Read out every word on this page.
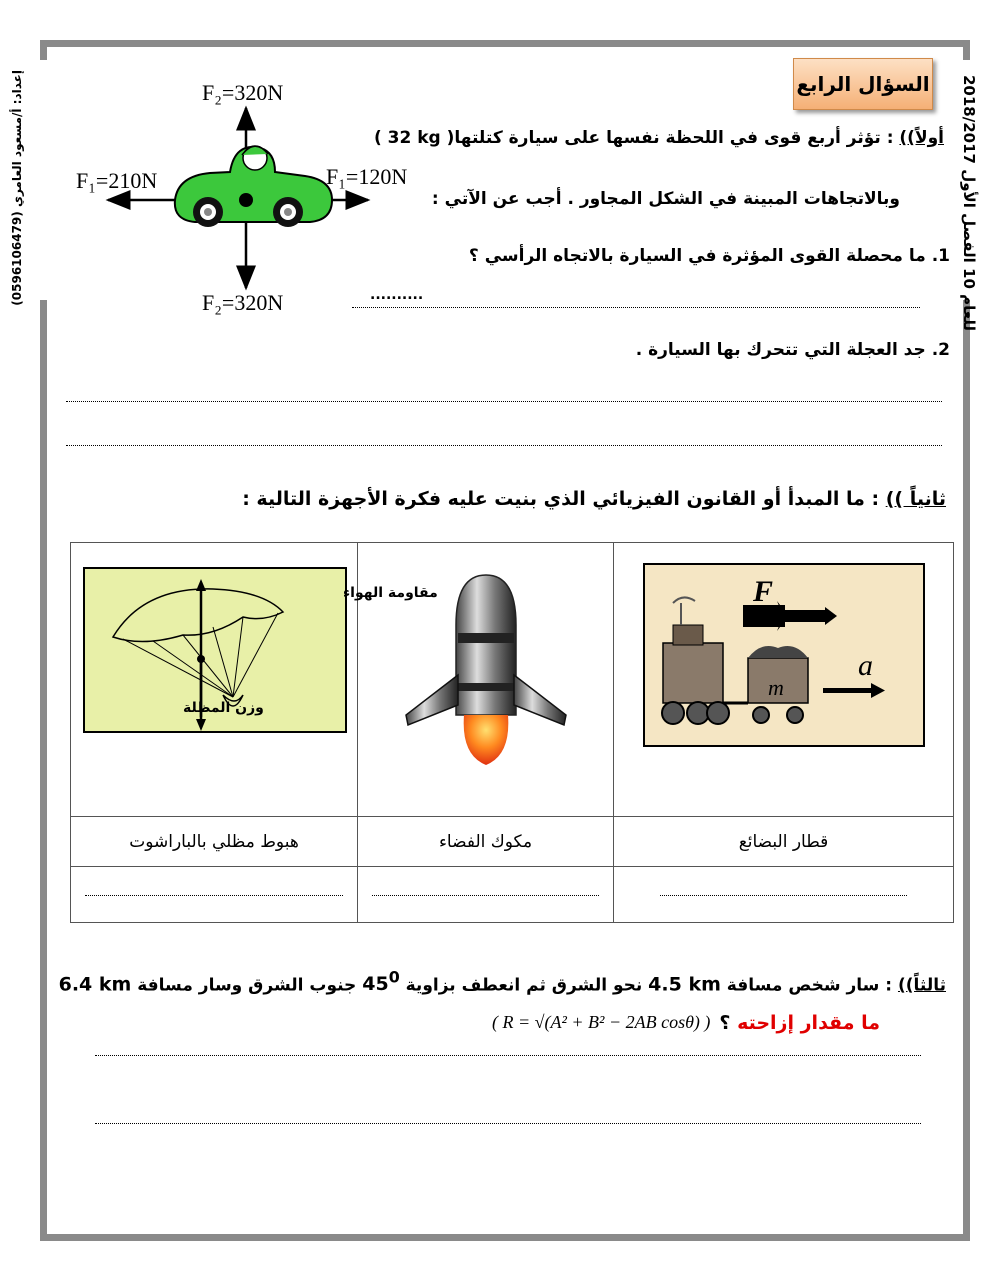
إعداد: أ/مسعود العامري (0596106479)	2018/2017 للعام 10 الفصل الأول
السؤال الرابع
F₂=320N
F₂=320N
F₁=210N	F₁=120N
أولاً)) : تؤثر أربع قوى في اللحظة نفسها على سيارة كتلتها( 32 kg )
وبالاتجاهات المبينة في الشكل المجاور . أجب عن الآتي :
1. ما محصلة القوى المؤثرة في السيارة بالاتجاه الرأسي ؟
..........
2. جد العجلة التي تتحرك بها السيارة .
ثانياً )) : ما المبدأ أو القانون الفيزيائي الذي بنيت عليه فكرة الأجهزة التالية :
مقاومة الهواء
وزن المظلة		F
m
a

هبوط مظلي بالباراشوت	مكوك الفضاء	قطار البضائع

ثالثاً)) : سار شخص مسافة 4.5 km نحو الشرق ثم انعطف بزاوية $45^0$ جنوب الشرق وسار مسافة 6.4 km
ما مقدار إزاحته ؟
( R = √(A² + B² − 2AB cosθ) )
